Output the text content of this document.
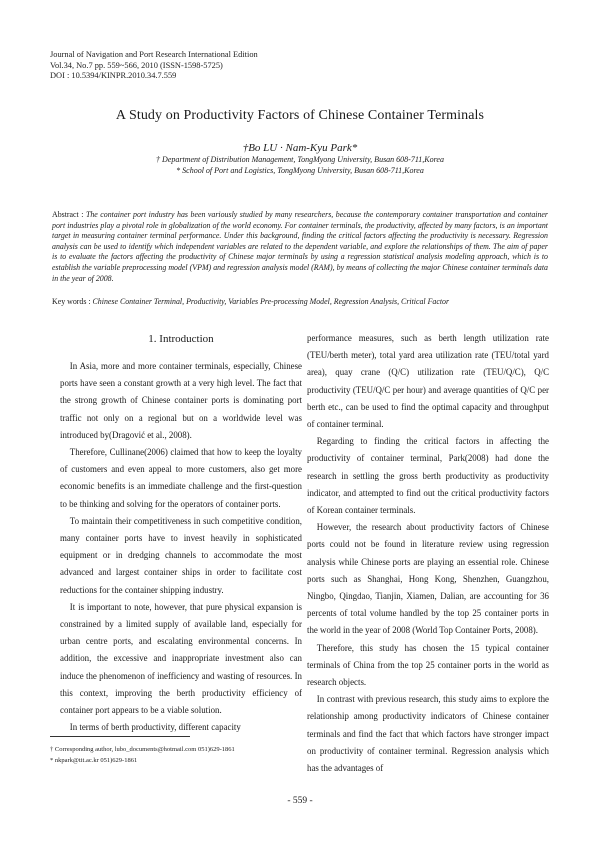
Journal of Navigation and Port Research International Edition
Vol.34, No.7 pp. 559~566, 2010 (ISSN-1598-5725)
DOI : 10.5394/KINPR.2010.34.7.559
A Study on Productivity Factors of Chinese Container Terminals
†Bo LU · Nam-Kyu Park*
† Department of Distribution Management, TongMyong University, Busan 608-711,Korea
* School of Port and Logistics, TongMyong University, Busan 608-711,Korea
Abstract : The container port industry has been variously studied by many researchers, because the contemporary container transportation and container port industries play a pivotal role in globalization of the world economy. For container terminals, the productivity, affected by many factors, is an important target in measuring container terminal performance. Under this background, finding the critical factors affecting the productivity is necessary. Regression analysis can be used to identify which independent variables are related to the dependent variable, and explore the relationships of them. The aim of paper is to evaluate the factors affecting the productivity of Chinese major terminals by using a regression statistical analysis modeling approach, which is to establish the variable preprocessing model (VPM) and regression analysis model (RAM), by means of collecting the major Chinese container terminals data in the year of 2008.
Key words : Chinese Container Terminal, Productivity, Variables Pre-processing Model, Regression Analysis, Critical Factor
1. Introduction

In Asia, more and more container terminals, especially, Chinese ports have seen a constant growth at a very high level. The fact that the strong growth of Chinese container ports is dominating port traffic not only on a regional but on a worldwide level was introduced by(Dragović et al., 2008).

Therefore, Cullinane(2006) claimed that how to keep the loyalty of customers and even appeal to more customers, also get more economic benefits is an immediate challenge and the first-question to be thinking and solving for the operators of container ports.

To maintain their competitiveness in such competitive condition, many container ports have to invest heavily in sophisticated equipment or in dredging channels to accommodate the most advanced and largest container ships in order to facilitate cost reductions for the container shipping industry.

It is important to note, however, that pure physical expansion is constrained by a limited supply of available land, especially for urban centre ports, and escalating environmental concerns. In addition, the excessive and inappropriate investment also can induce the phenomenon of inefficiency and wasting of resources. In this context, improving the berth productivity efficiency of container port appears to be a viable solution.

In terms of berth productivity, different capacity

performance measures, such as berth length utilization rate (TEU/berth meter), total yard area utilization rate (TEU/total yard area), quay crane (Q/C) utilization rate (TEU/Q/C), Q/C productivity (TEU/Q/C per hour) and average quantities of Q/C per berth etc., can be used to find the optimal capacity and throughput of container terminal.

Regarding to finding the critical factors in affecting the productivity of container terminal, Park(2008) had done the research in settling the gross berth productivity as productivity indicator, and attempted to find out the critical productivity factors of Korean container terminals.

However, the research about productivity factors of Chinese ports could not be found in literature review using regression analysis while Chinese ports are playing an essential role. Chinese ports such as Shanghai, Hong Kong, Shenzhen, Guangzhou, Ningbo, Qingdao, Tianjin, Xiamen, Dalian, are accounting for 36 percents of total volume handled by the top 25 container ports in the world in the year of 2008 (World Top Container Ports, 2008).

Therefore, this study has chosen the 15 typical container terminals of China from the top 25 container ports in the world as research objects.

In contrast with previous research, this study aims to explore the relationship among productivity indicators of Chinese container terminals and find the fact that which factors have stronger impact on productivity of container terminal. Regression analysis which has the advantages of

† Corresponding author, lubo_documents@hotmail.com 051)629-1861
* nkpark@tit.ac.kr 051)629-1861
- 559 -
